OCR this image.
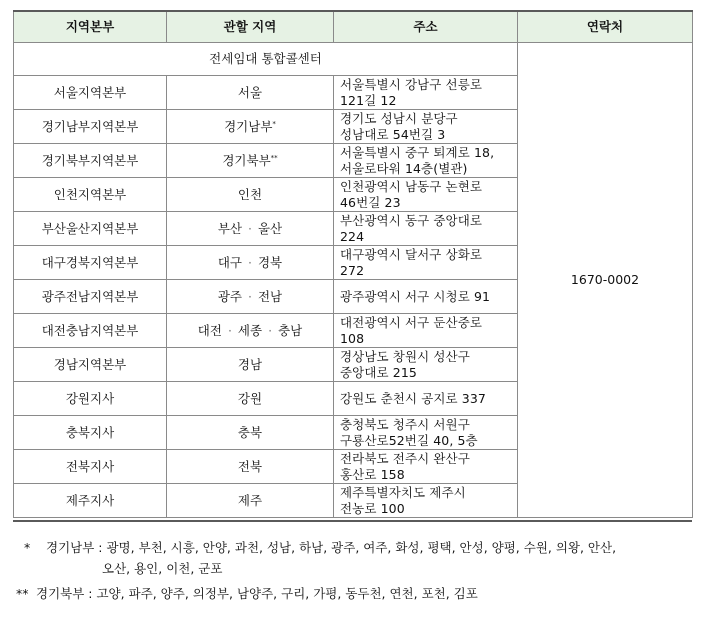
지역본부	관할 지역	주소	연락처
전세임대 통합콜센터			1670-0002
서울지역본부	서울	서울특별시 강남구 선릉로
121길 12	

경기남부지역본부	경기남부*	경기도 성남시 분당구
성남대로 54번길 3	

경기북부지역본부	경기북부**	서울특별시 중구 퇴계로 18,
서울로타워 14층(별관)	

인천지역본부	인천	인천광역시 남동구 논현로
46번길 23	

부산울산지역본부	부산 · 울산	부산광역시 동구 중앙대로
224	

대구경북지역본부	대구 · 경북	대구광역시 달서구 상화로
272	

광주전남지역본부	광주 · 전남	광주광역시 서구 시청로 91	

대전충남지역본부	대전 · 세종 · 충남	대전광역시 서구 둔산중로
108	

경남지역본부	경남	경상남도 창원시 성산구
중앙대로 215	

강원지사	강원	강원도 춘천시 공지로 337	

충북지사	충북	충청북도 청주시 서원구
구룡산로52번길 40, 5층	

전북지사	전북	전라북도 전주시 완산구
홍산로 158	

제주지사	제주	제주특별자치도 제주시
전농로 100	
* 경기남부 : 광명, 부천, 시흥, 안양, 과천, 성남, 하남, 광주, 여주, 화성, 평택, 안성, 양평, 수원, 의왕, 안산,
오산, 용인, 이천, 군포
** 경기북부 : 고양, 파주, 양주, 의정부, 남양주, 구리, 가평, 동두천, 연천, 포천, 김포
